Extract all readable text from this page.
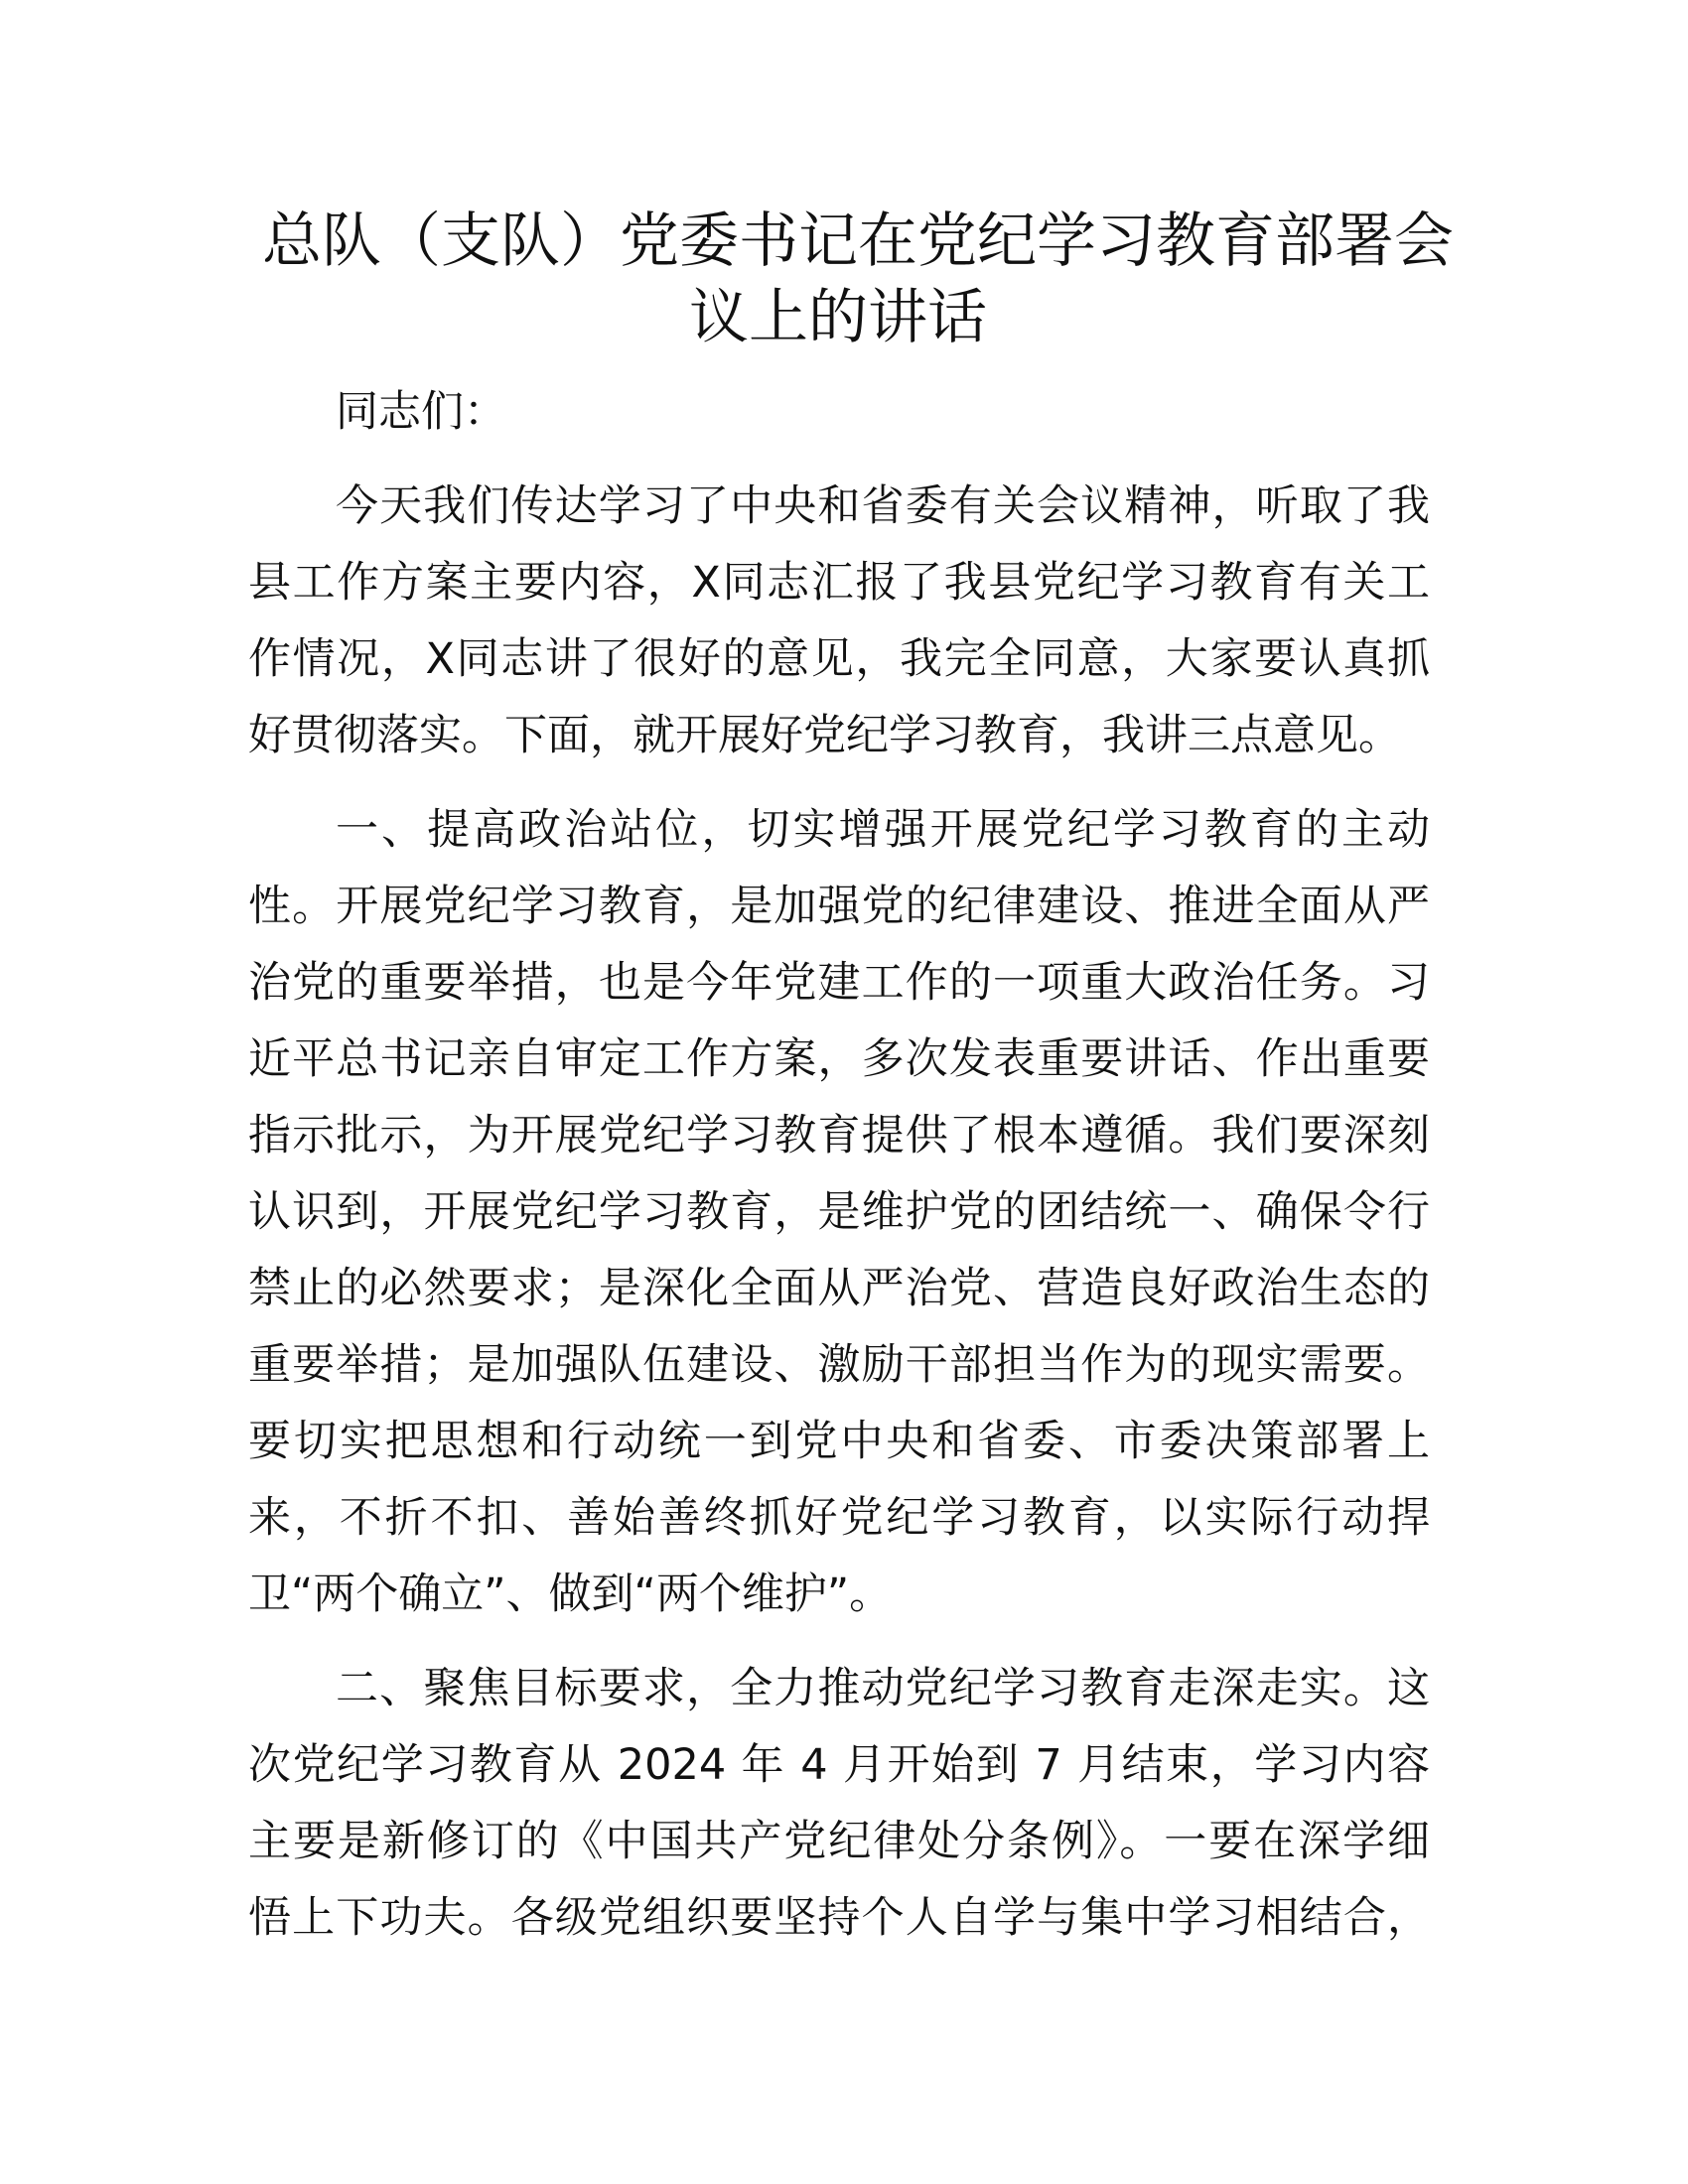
总队（支队）党委书记在党纪学习教育部署会
议上的讲话
同志们：
今天我们传达学习了中央和省委有关会议精神，听取了我
县工作方案主要内容，X同志汇报了我县党纪学习教育有关工
作情况，X同志讲了很好的意见，我完全同意，大家要认真抓
好贯彻落实。下面，就开展好党纪学习教育，我讲三点意见。
一、提高政治站位，切实增强开展党纪学习教育的主动
性。开展党纪学习教育，是加强党的纪律建设、推进全面从严
治党的重要举措，也是今年党建工作的一项重大政治任务。习
近平总书记亲自审定工作方案，多次发表重要讲话、作出重要
指示批示，为开展党纪学习教育提供了根本遵循。我们要深刻
认识到，开展党纪学习教育，是维护党的团结统一、确保令行
禁止的必然要求；是深化全面从严治党、营造良好政治生态的
重要举措；是加强队伍建设、激励干部担当作为的现实需要。
要切实把思想和行动统一到党中央和省委、市委决策部署上
来，不折不扣、善始善终抓好党纪学习教育，以实际行动捍
卫“两个确立”、做到“两个维护”。
二、聚焦目标要求，全力推动党纪学习教育走深走实。这
次党纪学习教育从 2024 年 4 月开始到 7 月结束，学习内容
主要是新修订的《中国共产党纪律处分条例》。一要在深学细
悟上下功夫。各级党组织要坚持个人自学与集中学习相结合，
